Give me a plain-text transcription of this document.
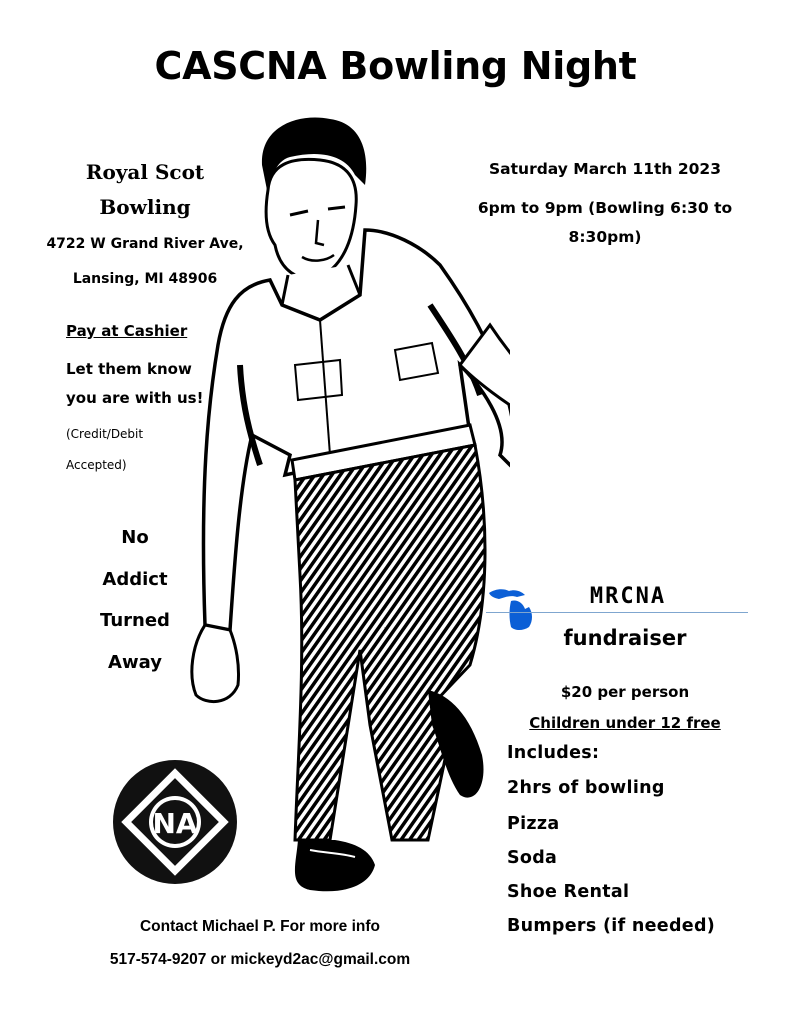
CASCNA Bowling Night
Royal Scot
Bowling
4722 W Grand River Ave,
Lansing, MI 48906
Pay at Cashier
Let them know
you are with us!
(Credit/Debit
Accepted)
No
Addict
Turned
Away
NA
Saturday March 11th 2023
6pm to 9pm (Bowling 6:30 to
8:30pm)
MRCNA
fundraiser
$20 per person
Children under 12 free
Includes:
2hrs of bowling
Pizza
Soda
Shoe Rental
Bumpers (if needed)
Contact Michael P. For more info
517-574-9207 or mickeyd2ac@gmail.com
